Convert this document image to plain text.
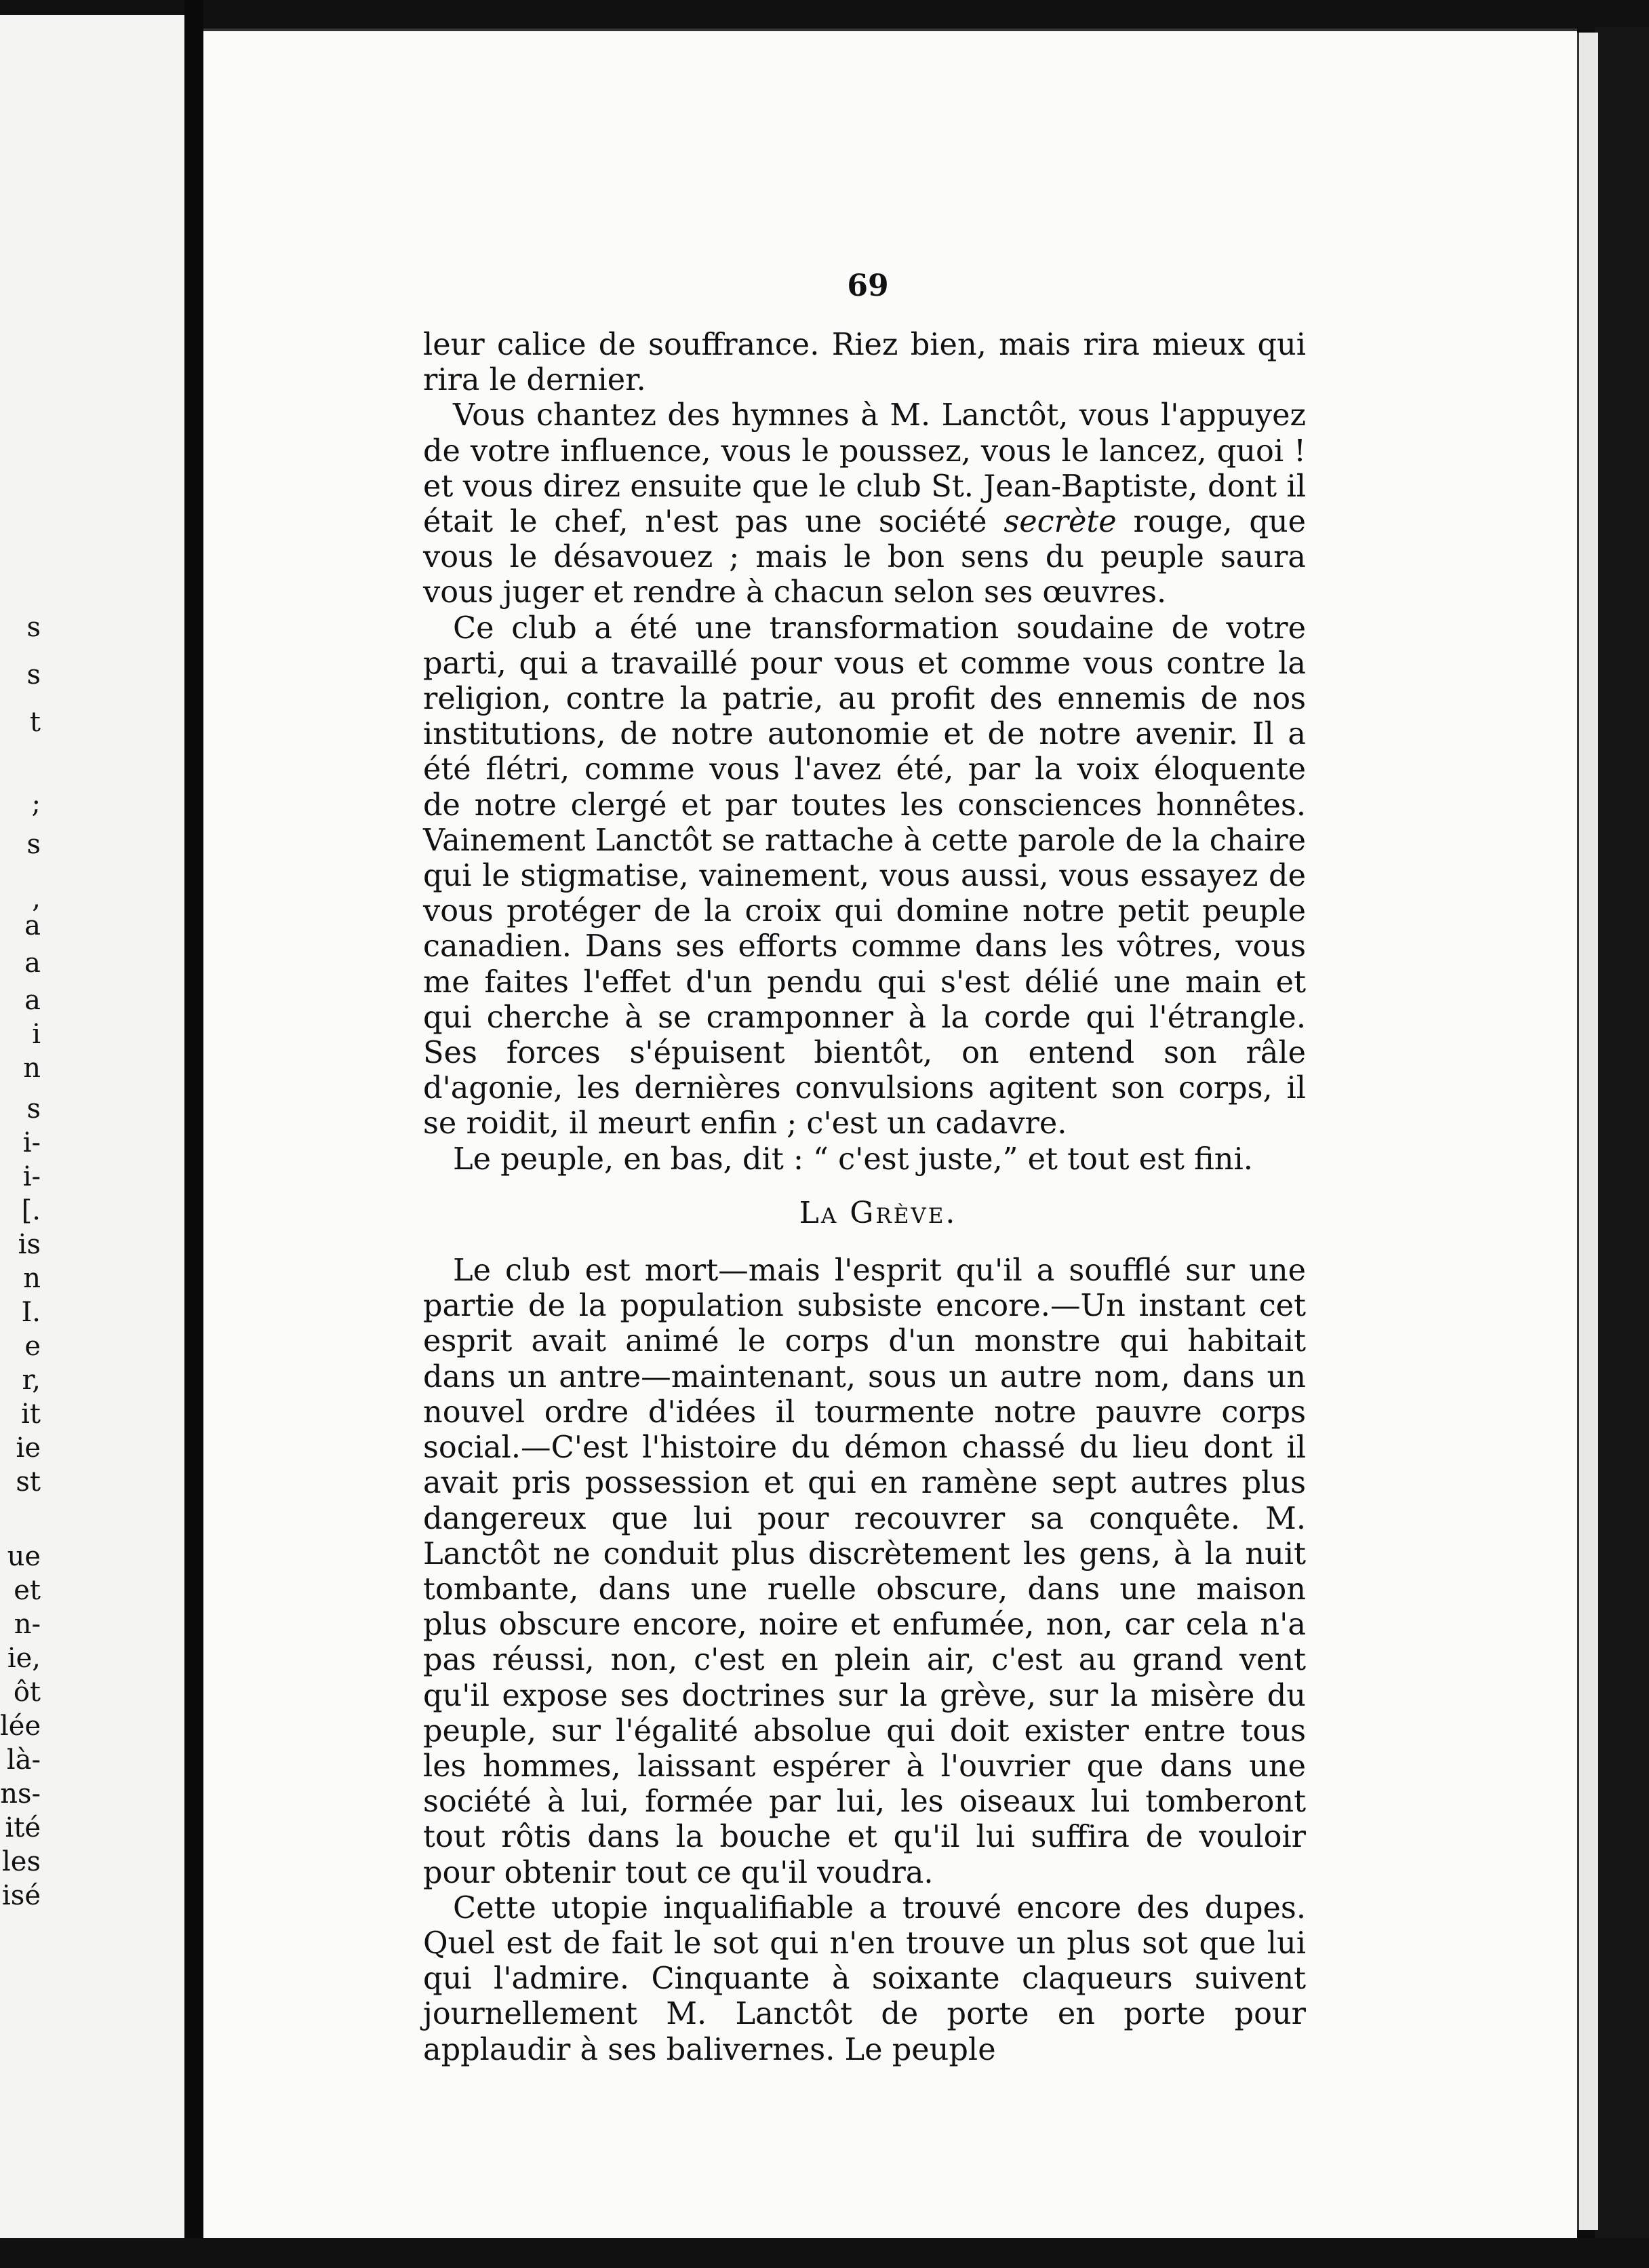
s
s
t
;
s
,
a
a
a
i
n
s
i-
i-
[.
is
n
I.
e
r,
it
ie
st
ue
et
n-
ie,
ôt
lée
là-
ns-
ité
les
isé
69

leur calice de souffrance. Riez bien, mais rira mieux qui rira le dernier.

Vous chantez des hymnes à M. Lanctôt, vous l'appuyez de votre influence, vous le poussez, vous le lancez, quoi ! et vous direz ensuite que le club St. Jean-Baptiste, dont il était le chef, n'est pas une société secrète rouge, que vous le désavouez ; mais le bon sens du peuple saura vous juger et rendre à chacun selon ses œuvres.

Ce club a été une transformation soudaine de votre parti, qui a travaillé pour vous et comme vous contre la religion, contre la patrie, au profit des ennemis de nos institutions, de notre autonomie et de notre avenir. Il a été flétri, comme vous l'avez été, par la voix éloquente de notre clergé et par toutes les consciences honnêtes. Vainement Lanctôt se rattache à cette parole de la chaire qui le stigmatise, vainement, vous aussi, vous essayez de vous protéger de la croix qui domine notre petit peuple canadien. Dans ses efforts comme dans les vôtres, vous me faites l'effet d'un pendu qui s'est délié une main et qui cherche à se cramponner à la corde qui l'étrangle. Ses forces s'épuisent bientôt, on entend son râle d'agonie, les dernières convulsions agitent son corps, il se roidit, il meurt enfin ; c'est un cadavre.

Le peuple, en bas, dit : “ c'est juste,” et tout est fini.

La Grève.

Le club est mort—mais l'esprit qu'il a soufflé sur une partie de la population subsiste encore.—Un instant cet esprit avait animé le corps d'un monstre qui habitait dans un antre—maintenant, sous un autre nom, dans un nouvel ordre d'idées il tourmente notre pauvre corps social.—C'est l'histoire du démon chassé du lieu dont il avait pris possession et qui en ramène sept autres plus dangereux que lui pour recouvrer sa conquête. M. Lanctôt ne conduit plus discrètement les gens, à la nuit tombante, dans une ruelle obscure, dans une maison plus obscure encore, noire et enfumée, non, car cela n'a pas réussi, non, c'est en plein air, c'est au grand vent qu'il expose ses doctrines sur la grève, sur la misère du peuple, sur l'égalité absolue qui doit exister entre tous les hommes, laissant espérer à l'ouvrier que dans une société à lui, formée par lui, les oiseaux lui tomberont tout rôtis dans la bouche et qu'il lui suffira de vouloir pour obtenir tout ce qu'il voudra.

Cette utopie inqualifiable a trouvé encore des dupes. Quel est de fait le sot qui n'en trouve un plus sot que lui qui l'admire. Cinquante à soixante claqueurs suivent journellement M. Lanctôt de porte en porte pour applaudir à ses balivernes. Le peuple
